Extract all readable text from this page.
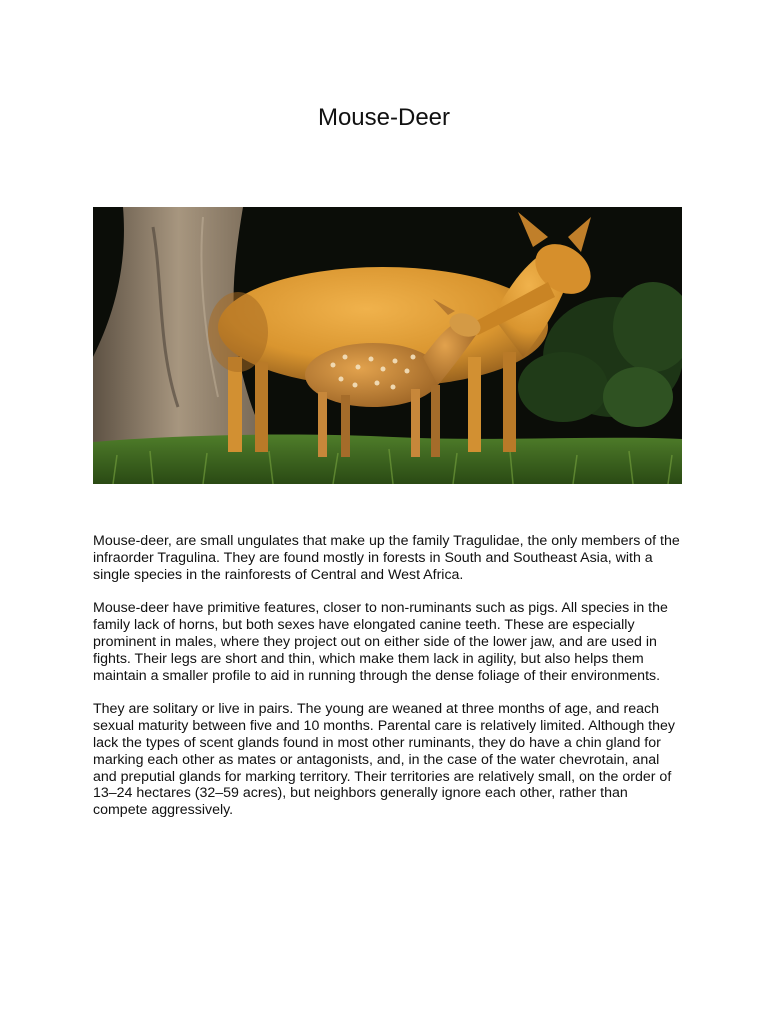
Mouse-Deer

Mouse-deer, are small ungulates that make up the family Tragulidae, the only members of the infraorder Tragulina. They are found mostly in forests in South and Southeast Asia, with a single species in the rainforests of Central and West Africa.

Mouse-deer have primitive features, closer to non-ruminants such as pigs. All species in the family lack of horns, but both sexes have elongated canine teeth. These are especially prominent in males, where they project out on either side of the lower jaw, and are used in fights. Their legs are short and thin, which make them lack in agility, but also helps them maintain a smaller profile to aid in running through the dense foliage of their environments.

They are solitary or live in pairs. The young are weaned at three months of age, and reach sexual maturity between five and 10 months. Parental care is relatively limited. Although they lack the types of scent glands found in most other ruminants, they do have a chin gland for marking each other as mates or antagonists, and, in the case of the water chevrotain, anal and preputial glands for marking territory. Their territories are relatively small, on the order of 13–24 hectares (32–59 acres), but neighbors generally ignore each other, rather than compete aggressively.
